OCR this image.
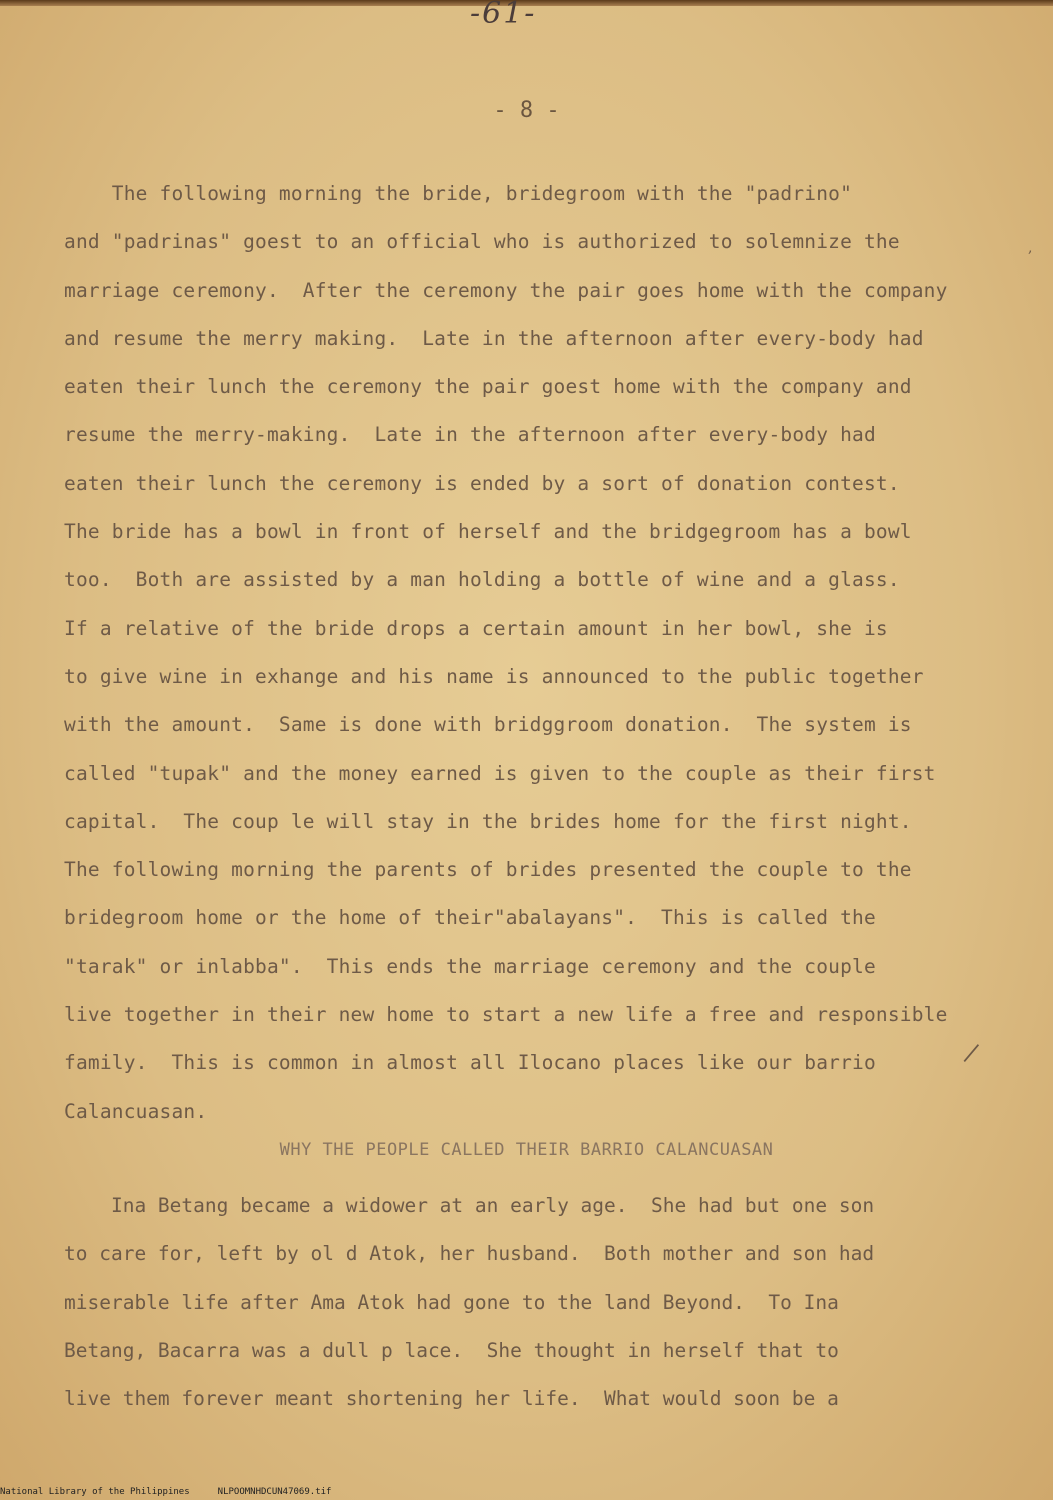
-61-
- 8 -
The following morning the bride, bridegroom with the "padrino"
and "padrinas" goest to an official who is authorized to solemnize the
marriage ceremony.  After the ceremony the pair goes home with the company
and resume the merry making.  Late in the afternoon after every-body had
eaten their lunch the ceremony the pair goest home with the company and
resume the merry-making.  Late in the afternoon after every-body had
eaten their lunch the ceremony is ended by a sort of donation contest.
The bride has a bowl in front of herself and the bridgegroom has a bowl
too.  Both are assisted by a man holding a bottle of wine and a glass.
If a relative of the bride drops a certain amount in her bowl, she is
to give wine in exhange and his name is announced to the public together
with the amount.  Same is done with bridggroom donation.  The system is
called "tupak" and the money earned is given to the couple as their first
capital.  The coup le will stay in the brides home for the first night.
The following morning the parents of brides presented the couple to the
bridegroom home or the home of their"abalayans".  This is called the
"tarak" or inlabba".  This ends the marriage ceremony and the couple
live together in their new home to start a new life a free and responsible
family.  This is common in almost all Ilocano places like our barrio
Calancuasan.
WHY THE PEOPLE CALLED THEIR BARRIO CALANCUASAN
Ina Betang became a widower at an early age.  She had but one son
to care for, left by ol d Atok, her husband.  Both mother and son had
miserable life after Ama Atok had gone to the land Beyond.  To Ina
Betang, Bacarra was a dull p lace.  She thought in herself that to
live them forever meant shortening her life.  What would soon be a
,
|
National Library of the Philippines	NLPOOMNHDCUN47069.tif
